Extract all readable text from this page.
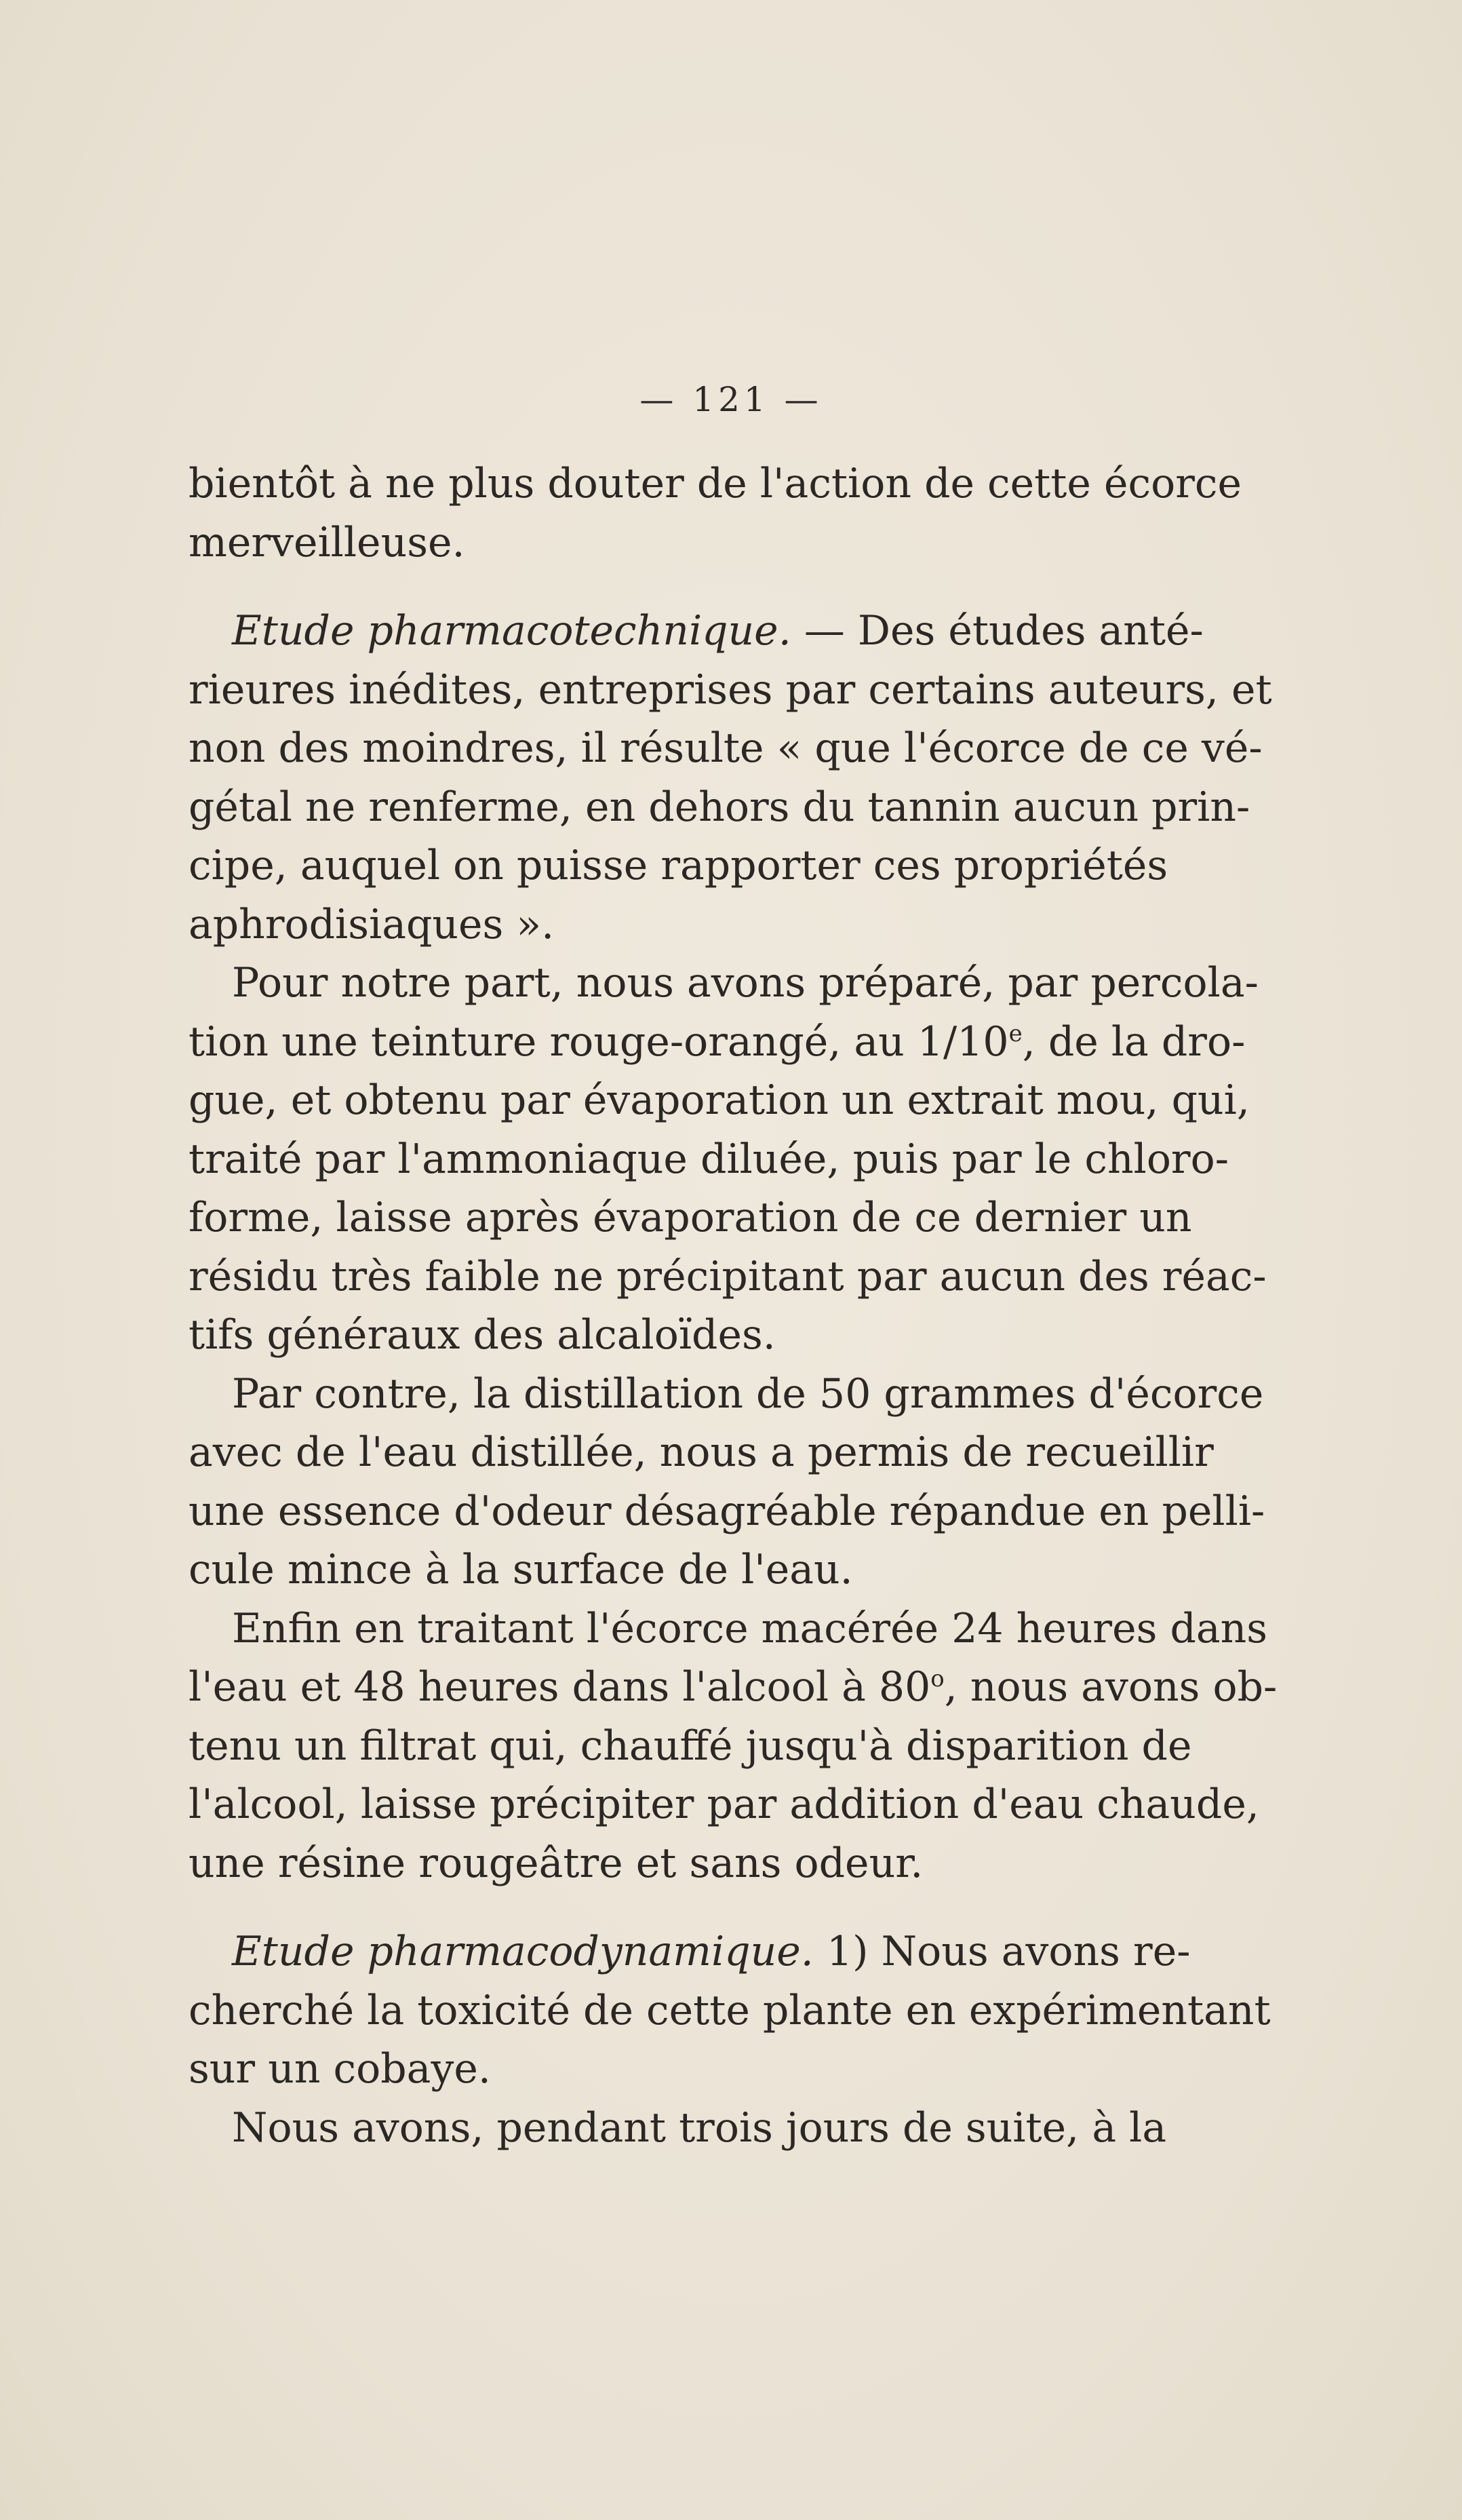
— 121 —
bientôt à ne plus douter de l'action de cette écorce
merveilleuse.
Etude pharmacotechnique. — Des études anté-
rieures inédites, entreprises par certains auteurs, et
non des moindres, il résulte « que l'écorce de ce vé-
gétal ne renferme, en dehors du tannin aucun prin-
cipe, auquel on puisse rapporter ces propriétés
aphrodisiaques ».
Pour notre part, nous avons préparé, par percola-
tion une teinture rouge-orangé, au 1/10e, de la dro-
gue, et obtenu par évaporation un extrait mou, qui,
traité par l'ammoniaque diluée, puis par le chloro-
forme, laisse après évaporation de ce dernier un
résidu très faible ne précipitant par aucun des réac-
tifs généraux des alcaloïdes.
Par contre, la distillation de 50 grammes d'écorce
avec de l'eau distillée, nous a permis de recueillir
une essence d'odeur désagréable répandue en pelli-
cule mince à la surface de l'eau.
Enfin en traitant l'écorce macérée 24 heures dans
l'eau et 48 heures dans l'alcool à 80$^o$, nous avons ob-
tenu un filtrat qui, chauffé jusqu'à disparition de
l'alcool, laisse précipiter par addition d'eau chaude,
une résine rougeâtre et sans odeur.
Etude pharmacodynamique. 1) Nous avons re-
cherché la toxicité de cette plante en expérimentant
sur un cobaye.
Nous avons, pendant trois jours de suite, à la
